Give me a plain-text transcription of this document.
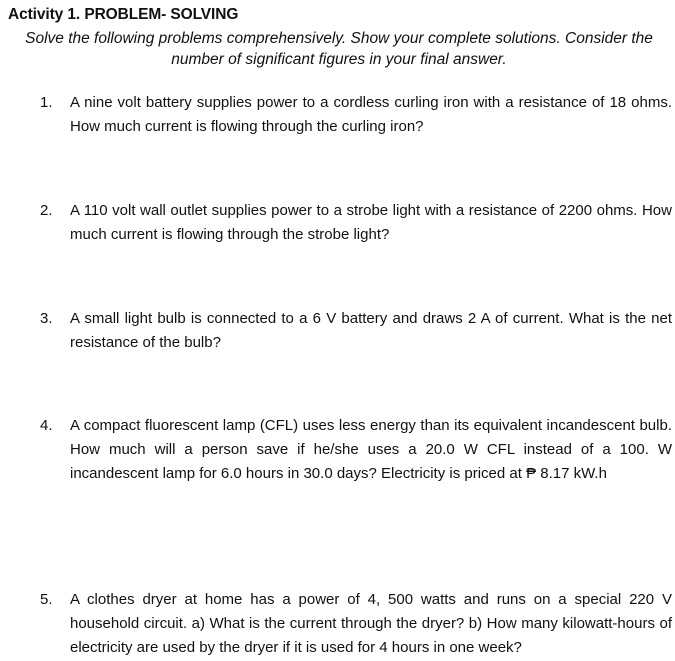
Activity 1. PROBLEM- SOLVING
Solve the following problems comprehensively. Show your complete solutions. Consider the number of significant figures in your final answer.
1.	A nine volt battery supplies power to a cordless curling iron with a resistance of 18 ohms. How much current is flowing through the curling iron?
2.	A 110 volt wall outlet supplies power to a strobe light with a resistance of 2200 ohms. How much current is flowing through the strobe light?
3.	A small light bulb is connected to a 6 V battery and draws 2 A of current. What is the net resistance of the bulb?
4.	A compact fluorescent lamp (CFL) uses less energy than its equivalent incandescent bulb. How much will a person save if he/she uses a 20.0 W CFL instead of a 100. W incandescent lamp for 6.0 hours in 30.0 days? Electricity is priced at ₱ 8.17 kW.h
5.	A clothes dryer at home has a power of 4, 500 watts and runs on a special 220 V household circuit. a) What is the current through the dryer? b) How many kilowatt-hours of electricity are used by the dryer if it is used for 4 hours in one week?
